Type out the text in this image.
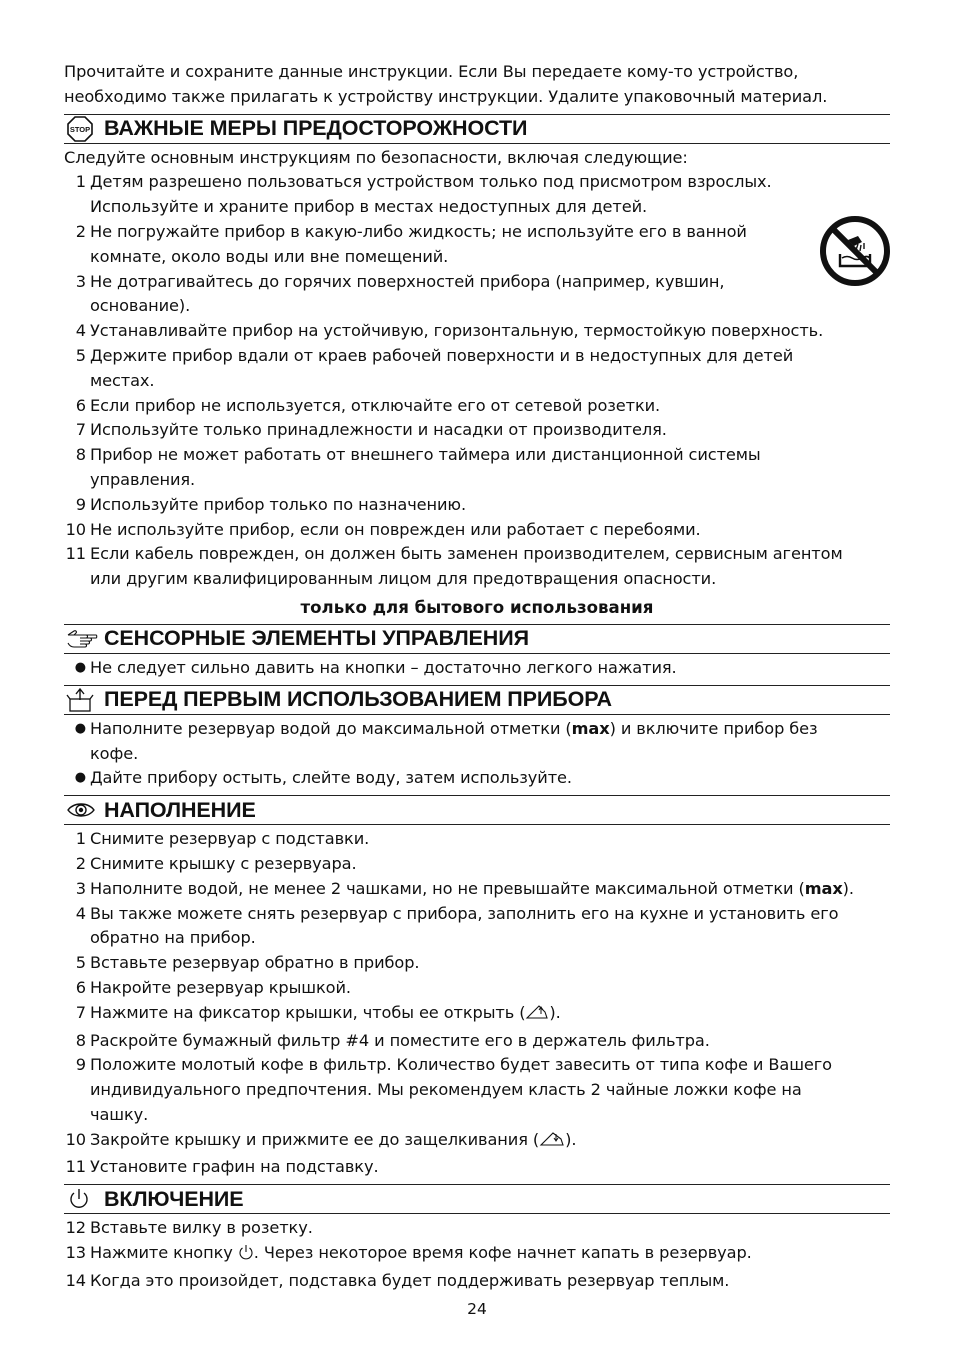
Прочитайте и сохраните данные инструкции. Если Вы передаете кому-то устройство,

необходимо также прилагать к устройству инструкции. Удалите упаковочный материал.

STOP ВАЖНЫЕ МЕРЫ ПРЕДОСТОРОЖНОСТИ

Следуйте основным инструкциям по безопасности, включая следующие:

1 Детям разрешено пользоваться устройством только под присмотром взрослых.
Используйте и храните прибор в местах недоступных для детей.
2 Не погружайте прибор в какую-либо жидкость; не используйте его в ванной
комнате, около воды или вне помещений.
3 Не дотрагивайтесь до горячих поверхностей прибора (например, кувшин,
основание).
4 Устанавливайте прибор на устойчивую, горизонтальную, термостойкую поверхность.
5 Держите прибор вдали от краев рабочей поверхности и в недоступных для детей
местах.
6 Если прибор не используется, отключайте его от сетевой розетки.
7 Используйте только принадлежности и насадки от производителя.
8 Прибор не может работать от внешнего таймера или дистанционной системы
управления.
9 Используйте прибор только по назначению.
10 Не используйте прибор, если он поврежден или работает с перебоями.
11 Если кабель поврежден, он должен быть заменен производителем, сервисным агентом
или другим квалифицированным лицом для предотвращения опасности.
только для бытового использования
СЕНСОРНЫЕ ЭЛЕМЕНТЫ УПРАВЛЕНИЯ
● Не следует сильно давить на кнопки – достаточно легкого нажатия.
ПЕРЕД ПЕРВЫМ ИСПОЛЬЗОВАНИЕМ ПРИБОРА
● Наполните резервуар водой до максимальной отметки (max) и включите прибор без
кофе.
● Дайте прибору остыть, слейте воду, затем используйте.
НАПОЛНЕНИЕ
1 Снимите резервуар с подставки.
2 Снимите крышку с резервуара.
3 Наполните водой, не менее 2 чашками, но не превышайте максимальной отметки (max).
4 Вы также можете снять резервуар с прибора, заполнить его на кухне и установить его
обратно на прибор.
5 Вставьте резервуар обратно в прибор.
6 Накройте резервуар крышкой.
7 Нажмите на фиксатор крышки, чтобы ее открыть ( ).
8 Раскройте бумажный фильтр #4 и поместите его в держатель фильтра.
9 Положите молотый кофе в фильтр. Количество будет завесить от типа кофе и Вашего
индивидуального предпочтения. Мы рекомендуем класть 2 чайные ложки кофе на
чашку.
10 Закройте крышку и прижмите ее до защелкивания ( ).
11 Установите графин на подставку.
ВКЛЮЧЕНИЕ
12 Вставьте вилку в розетку.
13 Нажмите кнопку . Через некоторое время кофе начнет капать в резервуар.
14 Когда это произойдет, подставка будет поддерживать резервуар теплым.
24
